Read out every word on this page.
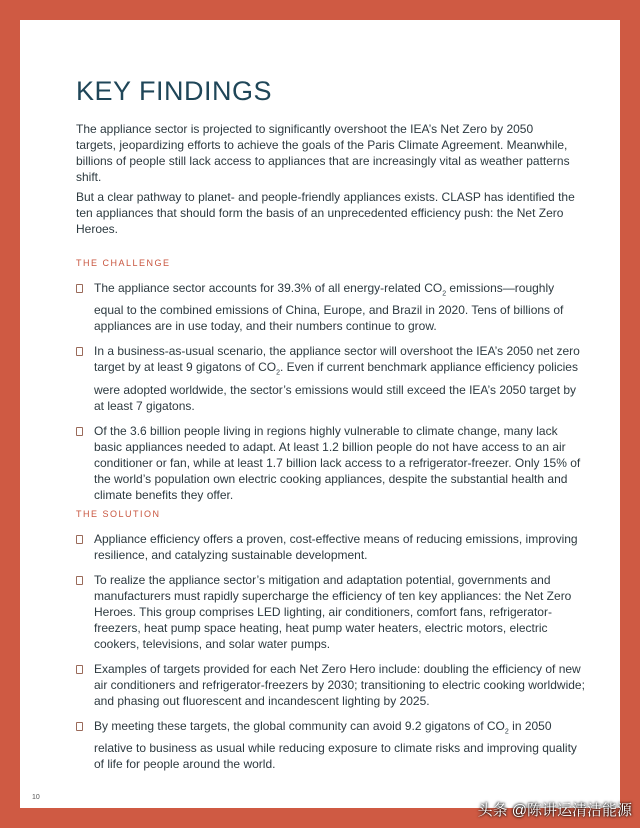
KEY FINDINGS

The appliance sector is projected to significantly overshoot the IEA’s Net Zero by 2050 targets, jeopardizing efforts to achieve the goals of the Paris Climate Agreement. Meanwhile, billions of people still lack access to appliances that are increasingly vital as weather patterns shift.

But a clear pathway to planet- and people-friendly appliances exists. CLASP has identified the ten appliances that should form the basis of an unprecedented efficiency push: the Net Zero Heroes.

THE CHALLENGE
The appliance sector accounts for 39.3% of all energy-related $CO_2$ emissions—roughly equal to the combined emissions of China, Europe, and Brazil in 2020. Tens of billions of appliances are in use today, and their numbers continue to grow.
In a business-as-usual scenario, the appliance sector will overshoot the IEA’s 2050 net zero target by at least 9 gigatons of $CO_2$. Even if current benchmark appliance efficiency policies were adopted worldwide, the sector’s emissions would still exceed the IEA’s 2050 target by at least 7 gigatons.
Of the 3.6 billion people living in regions highly vulnerable to climate change, many lack basic appliances needed to adapt. At least 1.2 billion people do not have access to an air conditioner or fan, while at least 1.7 billion lack access to a refrigerator-freezer. Only 15% of the world’s population own electric cooking appliances, despite the substantial health and climate benefits they offer.
THE SOLUTION
Appliance efficiency offers a proven, cost-effective means of reducing emissions, improving resilience, and catalyzing sustainable development.
To realize the appliance sector’s mitigation and adaptation potential, governments and manufacturers must rapidly supercharge the efficiency of ten key appliances: the Net Zero Heroes. This group comprises LED lighting, air conditioners, comfort fans, refrigerator- freezers, heat pump space heating, heat pump water heaters, electric motors, electric cookers, televisions, and solar water pumps.
Examples of targets provided for each Net Zero Hero include: doubling the efficiency of new air conditioners and refrigerator-freezers by 2030; transitioning to electric cooking worldwide; and phasing out fluorescent and incandescent lighting by 2025.
By meeting these targets, the global community can avoid 9.2 gigatons of $CO_2$ in 2050 relative to business as usual while reducing exposure to climate risks and improving quality of life for people around the world.
10
头条 @陈讲运清洁能源
